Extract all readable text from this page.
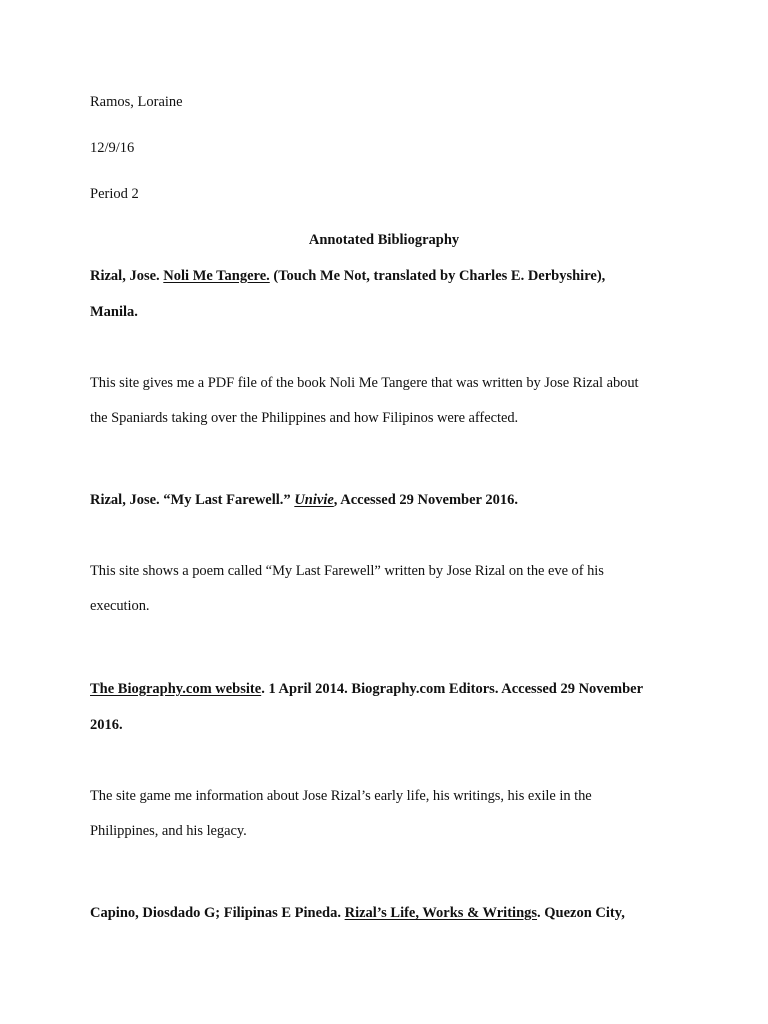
Ramos, Loraine
12/9/16
Period 2
Annotated Bibliography
Rizal, Jose. Noli Me Tangere. (Touch Me Not, translated by Charles E. Derbyshire),
Manila.
This site gives me a PDF file of the book Noli Me Tangere that was written by Jose Rizal about
the Spaniards taking over the Philippines and how Filipinos were affected.
Rizal, Jose. “My Last Farewell.” Univie, Accessed 29 November 2016.
This site shows a poem called “My Last Farewell” written by Jose Rizal on the eve of his
execution.
The Biography.com website. 1 April 2014. Biography.com Editors. Accessed 29 November
2016.
The site game me information about Jose Rizal’s early life, his writings, his exile in the
Philippines, and his legacy.
Capino, Diosdado G; Filipinas E Pineda. Rizal’s Life, Works & Writings. Quezon City,
